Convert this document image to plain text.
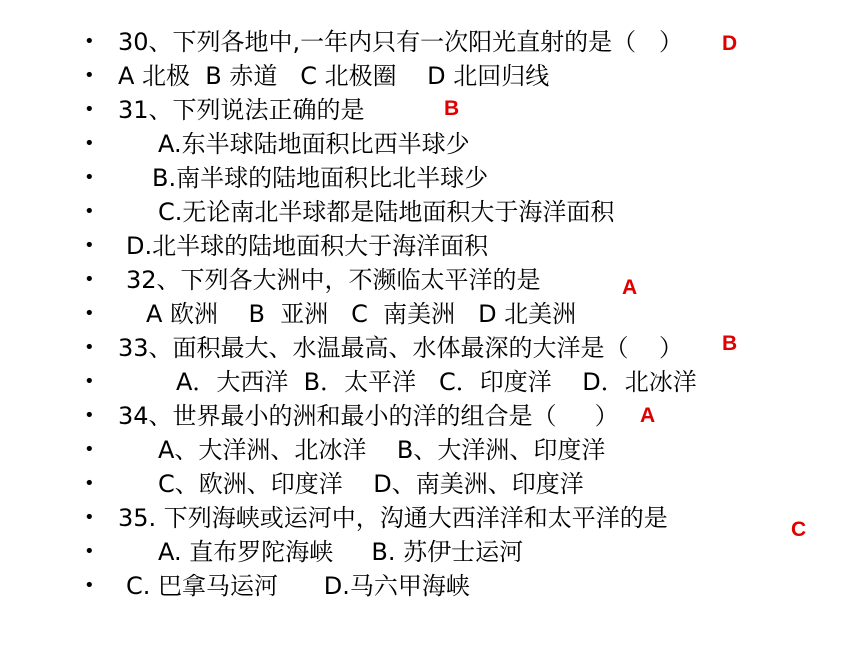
• 30、下列各地中,一年内只有一次阳光直射的是（   ）
• A 北极  B 赤道   C 北极圈    D 北回归线
• 31、下列说法正确的是
•	A.东半球陆地面积比西半球少
• B.南半球的陆地面积比北半球少
•	C.无论南北半球都是陆地面积大于海洋面积
• D.北半球的陆地面积大于海洋面积
• 32、下列各大洲中，不濒临太平洋的是
• A 欧洲    B  亚洲   C  南美洲   D 北美洲
• 33、面积最大、水温最高、水体最深的大洋是（    ）
•	A．大西洋  B．太平洋   C．印度洋    D．北冰洋
• 34、世界最小的洲和最小的洋的组合是（     ）
•	A、大洋洲、北冰洋    B、大洋洲、印度洋
•	C、欧洲、印度洋    D、南美洲、印度洋
• 35. 下列海峡或运河中，沟通大西洋洋和太平洋的是
•	A. 直布罗陀海峡     B. 苏伊士运河
• C. 巴拿马运河      D.马六甲海峡
D
B
A
B
A
C
